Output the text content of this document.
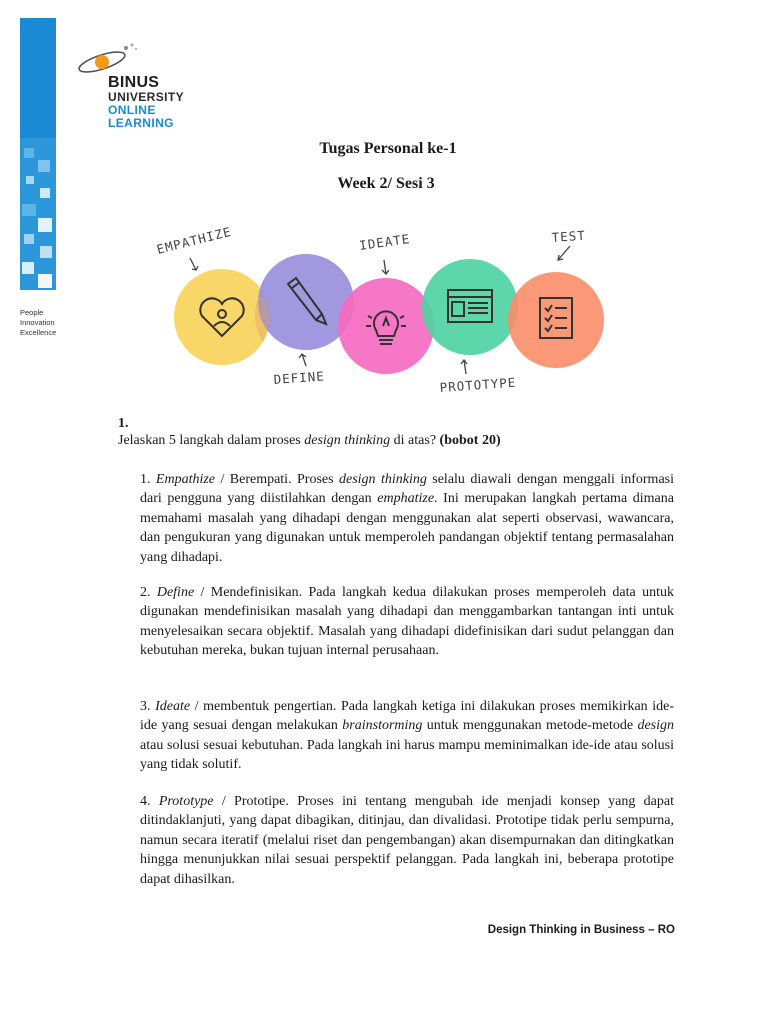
People
Innovation
Excellence
BINUS
UNIVERSITY
ONLINE
LEARNING
Tugas Personal ke-1
Week 2/ Sesi 3
EMPATHIZE
DEFINE
IDEATE
PROTOTYPE
TEST
1.
Jelaskan 5 langkah dalam proses design thinking di atas? (bobot 20)
1. Empathize / Berempati. Proses design thinking selalu diawali dengan menggali informasi dari pengguna yang diistilahkan dengan emphatize. Ini merupakan langkah pertama dimana memahami masalah yang dihadapi dengan menggunakan alat seperti observasi, wawancara, dan pengukuran yang digunakan untuk memperoleh pandangan objektif tentang permasalahan yang dihadapi.
2. Define / Mendefinisikan. Pada langkah kedua dilakukan proses memperoleh data untuk digunakan mendefinisikan masalah yang dihadapi dan menggambarkan tantangan inti untuk menyelesaikan secara objektif. Masalah yang dihadapi didefinisikan dari sudut pelanggan dan kebutuhan mereka, bukan tujuan internal perusahaan.
3. Ideate / membentuk pengertian. Pada langkah ketiga ini dilakukan proses memikirkan ide-ide yang sesuai dengan melakukan brainstorming untuk menggunakan metode-metode design atau solusi sesuai kebutuhan. Pada langkah ini harus mampu meminimalkan ide-ide atau solusi yang tidak solutif.
4. Prototype / Prototipe. Proses ini tentang mengubah ide menjadi konsep yang dapat ditindaklanjuti, yang dapat dibagikan, ditinjau, dan divalidasi. Prototipe tidak perlu sempurna, namun secara iteratif (melalui riset dan pengembangan) akan disempurnakan dan ditingkatkan hingga menunjukkan nilai sesuai perspektif pelanggan. Pada langkah ini, beberapa prototipe dapat dihasilkan.
Design Thinking in Business – RO
